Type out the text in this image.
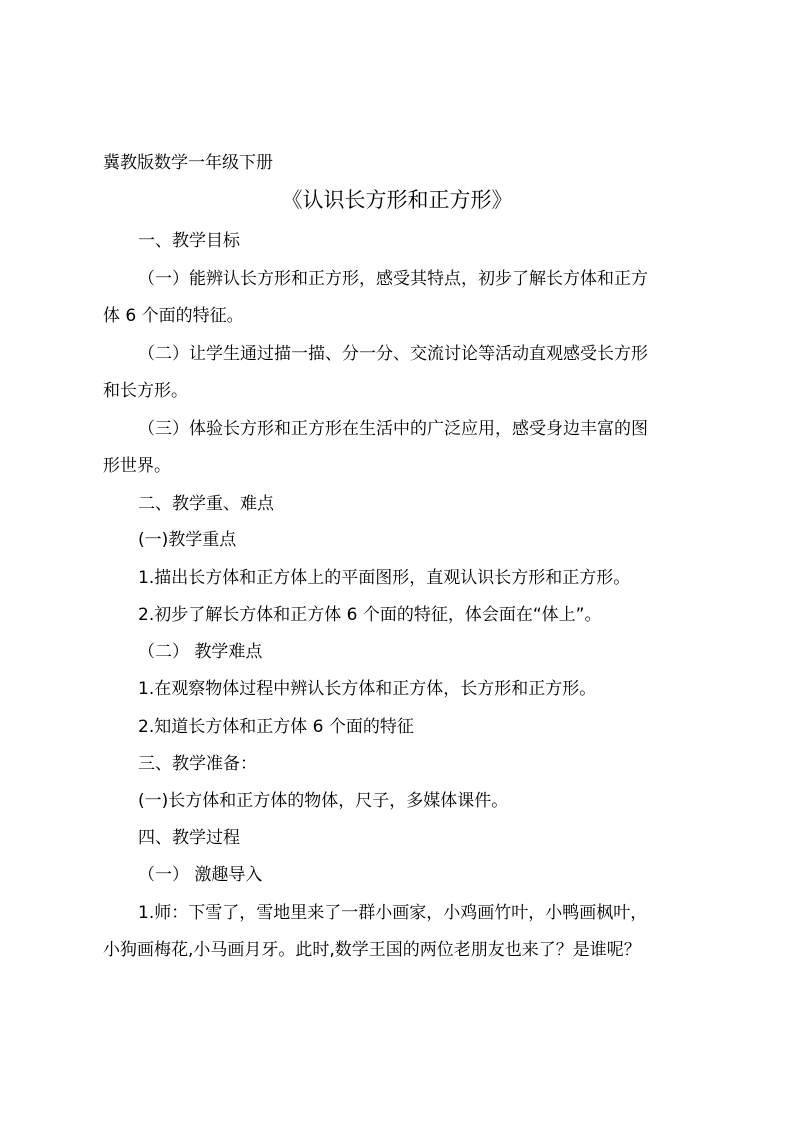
冀教版数学一年级下册
《认识长方形和正方形》
一、教学目标
（一）能辨认长方形和正方形，感受其特点，初步了解长方体和正方
体 6 个面的特征。
（二）让学生通过描一描、分一分、交流讨论等活动直观感受长方形
和长方形。
（三）体验长方形和正方形在生活中的广泛应用，感受身边丰富的图
形世界。
二、教学重、难点
(一)教学重点
1.描出长方体和正方体上的平面图形，直观认识长方形和正方形。
2.初步了解长方体和正方体 6 个面的特征，体会面在“体上”。
（二） 教学难点
1.在观察物体过程中辨认长方体和正方体，长方形和正方形。
2.知道长方体和正方体 6 个面的特征
三、教学准备：
(一)长方体和正方体的物体，尺子，多媒体课件。
四、教学过程
（一） 激趣导入
1.师：下雪了，雪地里来了一群小画家，小鸡画竹叶，小鸭画枫叶，
小狗画梅花,小马画月牙。此时,数学王国的两位老朋友也来了？是谁呢？
